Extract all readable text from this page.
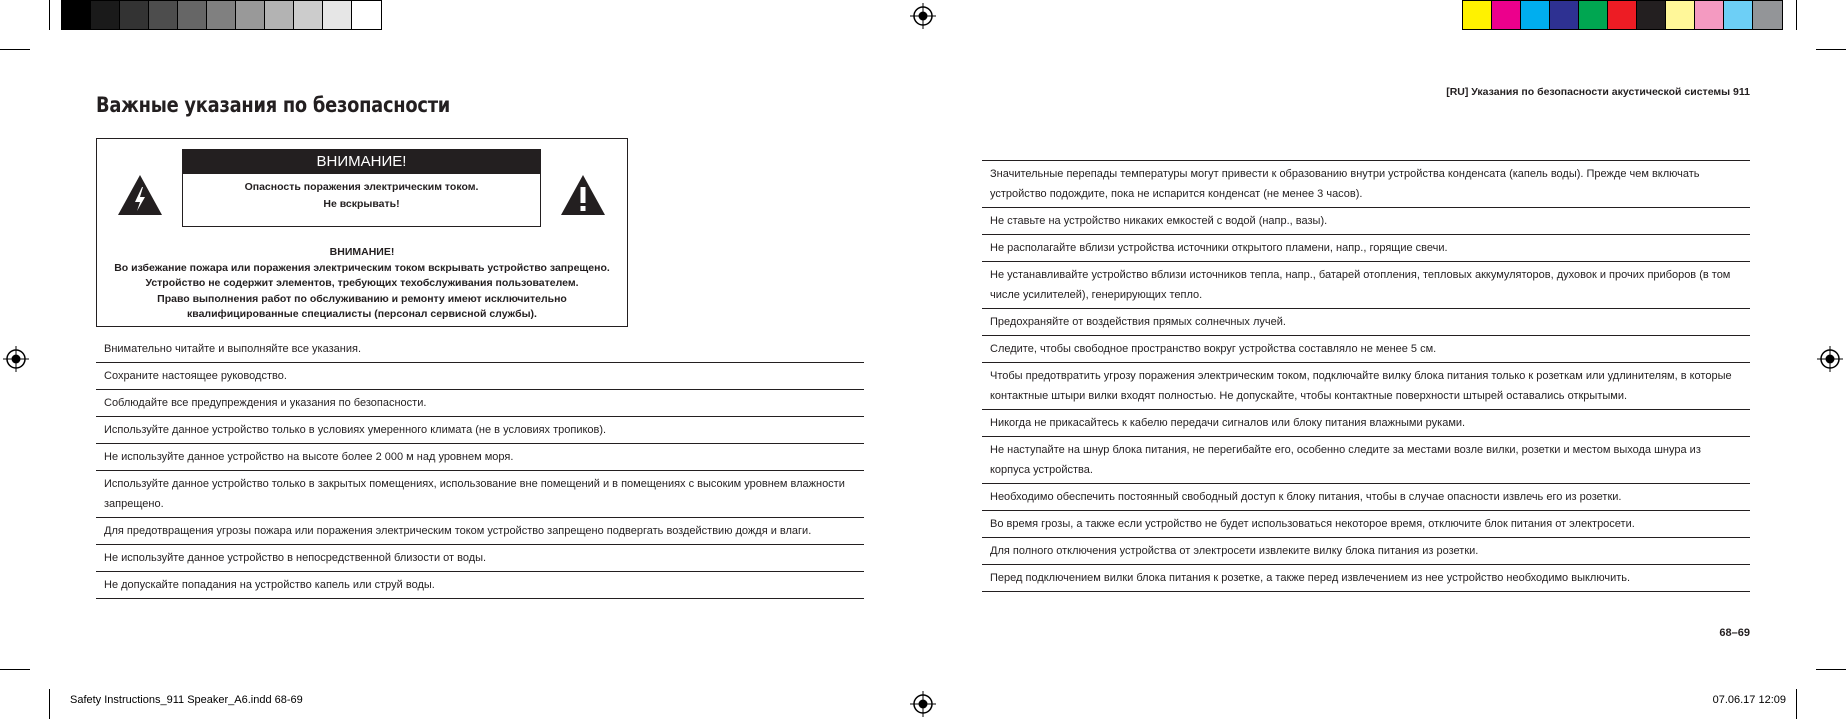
Safety Instructions_911 Speaker_A6.indd 68-69	07.06.17 12:09
Важные указания по безопасности
ВНИМАНИЕ!
Опасность поражения электрическим током.
Не вскрывать!
ВНИМАНИЕ!
Во избежание пожара или поражения электрическим током вскрывать устройство запрещено.
Устройство не содержит элементов, требующих техобслуживания пользователем.
Право выполнения работ по обслуживанию и ремонту имеют исключительно
квалифицированные специалисты (персонал сервисной службы).
Внимательно читайте и выполняйте все указания.
Сохраните настоящее руководство.
Соблюдайте все предупреждения и указания по безопасности.
Используйте данное устройство только в условиях умеренного климата (не в условиях тропиков).
Не используйте данное устройство на высоте более 2 000 м над уровнем моря.
Используйте данное устройство только в закрытых помещениях, использование вне помещений и в помещениях с высоким уровнем влажности запрещено.
Для предотвращения угрозы пожара или поражения электрическим током устройство запрещено подвергать воздействию дождя и влаги.
Не используйте данное устройство в непосредственной близости от воды.
Не допускайте попадания на устройство капель или струй воды.
[RU] Указания по безопасности акустической системы 911
Значительные перепады температуры могут привести к образованию внутри устройства конденсата (капель воды). Прежде чем включать устройство подождите, пока не испарится конденсат (не менее 3 часов).
Не ставьте на устройство никаких емкостей с водой (напр., вазы).
Не располагайте вблизи устройства источники открытого пламени, напр., горящие свечи.
Не устанавливайте устройство вблизи источников тепла, напр., батарей отопления, тепловых аккумуляторов, духовок и прочих приборов (в том числе усилителей), генерирующих тепло.
Предохраняйте от воздействия прямых солнечных лучей.
Следите, чтобы свободное пространство вокруг устройства составляло не менее 5 см.
Чтобы предотвратить угрозу поражения электрическим током, подключайте вилку блока питания только к розеткам или удлинителям, в которые контактные штыри вилки входят полностью. Не допускайте, чтобы контактные поверхности штырей оставались открытыми.
Никогда не прикасайтесь к кабелю передачи сигналов или блоку питания влажными руками.
Не наступайте на шнур блока питания, не перегибайте его, особенно следите за местами возле вилки, розетки и местом выхода шнура из корпуса устройства.
Необходимо обеспечить постоянный свободный доступ к блоку питания, чтобы в случае опасности извлечь его из розетки.
Во время грозы, а также если устройство не будет использоваться некоторое время, отключите блок питания от электросети.
Для полного отключения устройства от электросети извлеките вилку блока питания из розетки.
Перед подключением вилки блока питания к розетке, а также перед извлечением из нее устройство необходимо выключить.
68–69
